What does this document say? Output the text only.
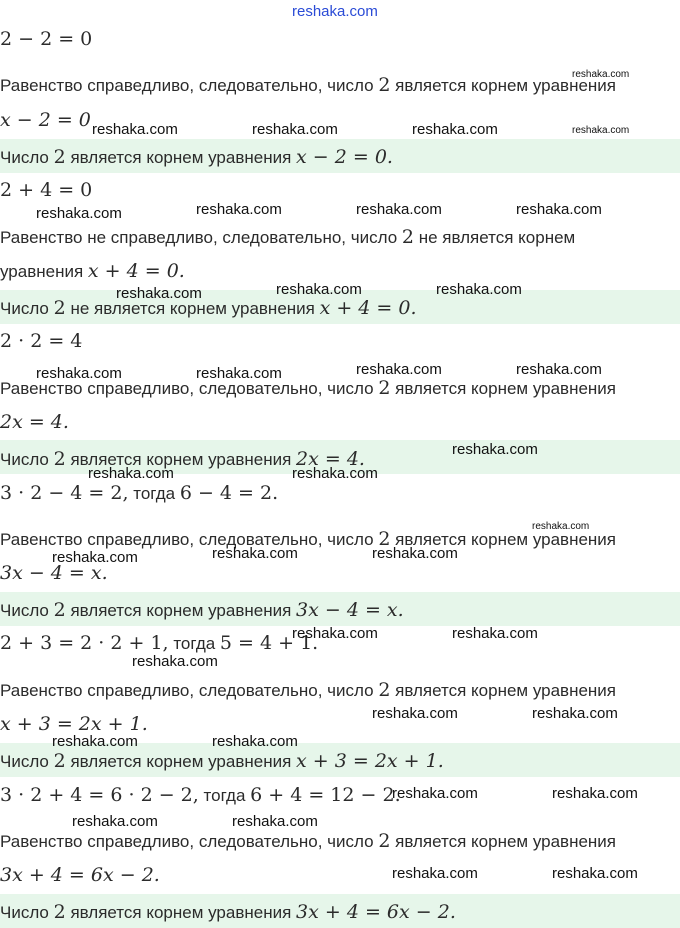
2 − 2 = 0
Равенство справедливо, следовательно, число 2 является корнем уравнения
x − 2 = 0
Число 2 является корнем уравнения x − 2 = 0.
2 + 4 = 0
Равенство не справедливо, следовательно, число 2 не является корнем
уравнения x + 4 = 0.
Число 2 не является корнем уравнения x + 4 = 0.
2 · 2 = 4
Равенство справедливо, следовательно, число 2 является корнем уравнения
2x = 4.
Число 2 является корнем уравнения 2x = 4.
3 · 2 − 4 = 2, тогда 6 − 4 = 2.
Равенство справедливо, следовательно, число 2 является корнем уравнения
3x − 4 = x.
Число 2 является корнем уравнения 3x − 4 = x.
2 + 3 = 2 · 2 + 1, тогда 5 = 4 + 1.
Равенство справедливо, следовательно, число 2 является корнем уравнения
x + 3 = 2x + 1.
Число 2 является корнем уравнения x + 3 = 2x + 1.
3 · 2 + 4 = 6 · 2 − 2, тогда 6 + 4 = 12 − 2.
Равенство справедливо, следовательно, число 2 является корнем уравнения
3x + 4 = 6x − 2.
Число 2 является корнем уравнения 3x + 4 = 6x − 2.
reshaka.com
reshaka.com
reshaka.com	reshaka.com	reshaka.com	reshaka.com
reshaka.com	reshaka.com	reshaka.com	reshaka.com
reshaka.com	reshaka.com	reshaka.com
reshaka.com	reshaka.com	reshaka.com	reshaka.com
reshaka.com
reshaka.com	reshaka.com
reshaka.com
reshaka.com	reshaka.com	reshaka.com
reshaka.com	reshaka.com
reshaka.com
reshaka.com	reshaka.com
reshaka.com	reshaka.com
reshaka.com	reshaka.com
reshaka.com	reshaka.com
reshaka.com	reshaka.com
